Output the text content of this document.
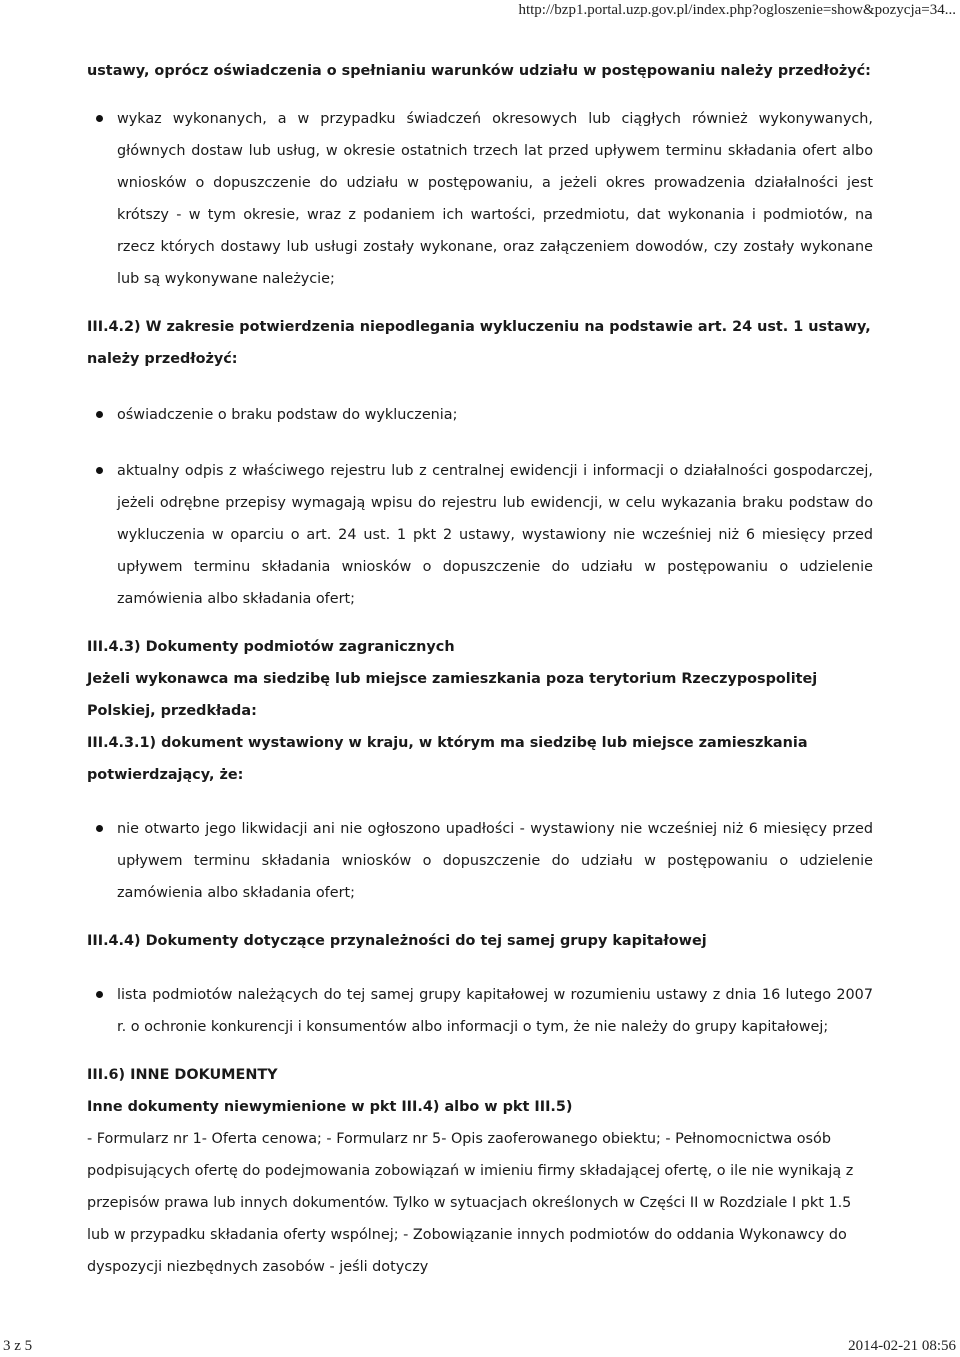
http://bzp1.portal.uzp.gov.pl/index.php?ogloszenie=show&pozycja=34...

ustawy, oprócz oświadczenia o spełnianiu warunków udziału w postępowaniu należy przedłożyć:

wykaz wykonanych, a w przypadku świadczeń okresowych lub ciągłych również wykonywanych, głównych dostaw lub usług, w okresie ostatnich trzech lat przed upływem terminu składania ofert albo wniosków o dopuszczenie do udziału w postępowaniu, a jeżeli okres prowadzenia działalności jest krótszy - w tym okresie, wraz z podaniem ich wartości, przedmiotu, dat wykonania i podmiotów, na rzecz których dostawy lub usługi zostały wykonane, oraz załączeniem dowodów, czy zostały wykonane lub są wykonywane należycie;

III.4.2) W zakresie potwierdzenia niepodlegania wykluczeniu na podstawie art. 24 ust. 1 ustawy, należy przedłożyć:

oświadczenie o braku podstaw do wykluczenia;
aktualny odpis z właściwego rejestru lub z centralnej ewidencji i informacji o działalności gospodarczej, jeżeli odrębne przepisy wymagają wpisu do rejestru lub ewidencji, w celu wykazania braku podstaw do wykluczenia w oparciu o art. 24 ust. 1 pkt 2 ustawy, wystawiony nie wcześniej niż 6 miesięcy przed upływem terminu składania wniosków o dopuszczenie do udziału w postępowaniu o udzielenie zamówienia albo składania ofert;

III.4.3) Dokumenty podmiotów zagranicznych

Jeżeli wykonawca ma siedzibę lub miejsce zamieszkania poza terytorium Rzeczypospolitej Polskiej, przedkłada:

III.4.3.1) dokument wystawiony w kraju, w którym ma siedzibę lub miejsce zamieszkania potwierdzający, że:

nie otwarto jego likwidacji ani nie ogłoszono upadłości - wystawiony nie wcześniej niż 6 miesięcy przed upływem terminu składania wniosków o dopuszczenie do udziału w postępowaniu o udzielenie zamówienia albo składania ofert;

III.4.4) Dokumenty dotyczące przynależności do tej samej grupy kapitałowej

lista podmiotów należących do tej samej grupy kapitałowej w rozumieniu ustawy z dnia 16 lutego 2007 r. o ochronie konkurencji i konsumentów albo informacji o tym, że nie należy do grupy kapitałowej;

III.6) INNE DOKUMENTY

Inne dokumenty niewymienione w pkt III.4) albo w pkt III.5)

- Formularz nr 1- Oferta cenowa; - Formularz nr 5- Opis zaoferowanego obiektu; - Pełnomocnictwa osób podpisujących ofertę do podejmowania zobowiązań w imieniu firmy składającej ofertę, o ile nie wynikają z przepisów prawa lub innych dokumentów. Tylko w sytuacjach określonych w Części II w Rozdziale I pkt 1.5 lub w przypadku składania oferty wspólnej; - Zobowiązanie innych podmiotów do oddania Wykonawcy do dyspozycji niezbędnych zasobów - jeśli dotyczy

3 z 5	2014-02-21 08:56
